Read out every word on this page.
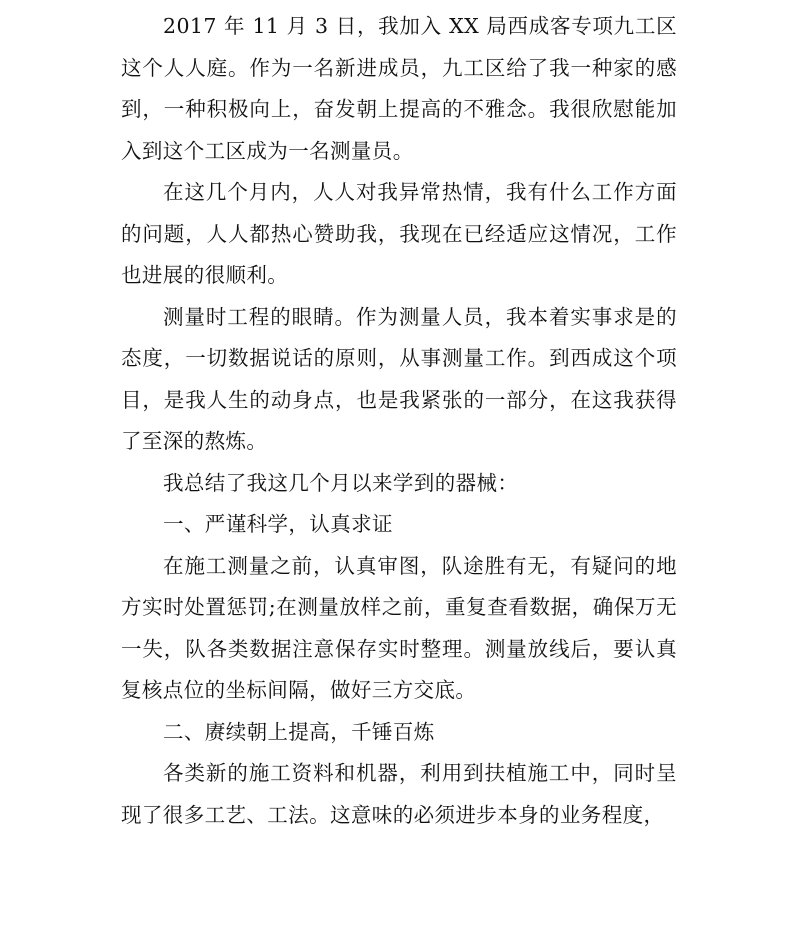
2017 年 11 月 3 日，我加入 XX 局西成客专项九工区这个人人庭。作为一名新进成员，九工区给了我一种家的感到，一种积极向上，奋发朝上提高的不雅念。我很欣慰能加入到这个工区成为一名测量员。

在这几个月内，人人对我异常热情，我有什么工作方面的问题，人人都热心赞助我，我现在已经适应这情况，工作也进展的很顺利。

测量时工程的眼睛。作为测量人员，我本着实事求是的态度，一切数据说话的原则，从事测量工作。到西成这个项目，是我人生的动身点，也是我紧张的一部分，在这我获得了至深的熬炼。

我总结了我这几个月以来学到的器械：

一、严谨科学，认真求证

在施工测量之前，认真审图，队途胜有无，有疑问的地方实时处置惩罚;在测量放样之前，重复查看数据，确保万无一失，队各类数据注意保存实时整理。测量放线后，要认真复核点位的坐标间隔，做好三方交底。

二、赓续朝上提高，千锤百炼

各类新的施工资料和机器，利用到扶植施工中，同时呈现了很多工艺、工法。这意味的必须进步本身的业务程度，
